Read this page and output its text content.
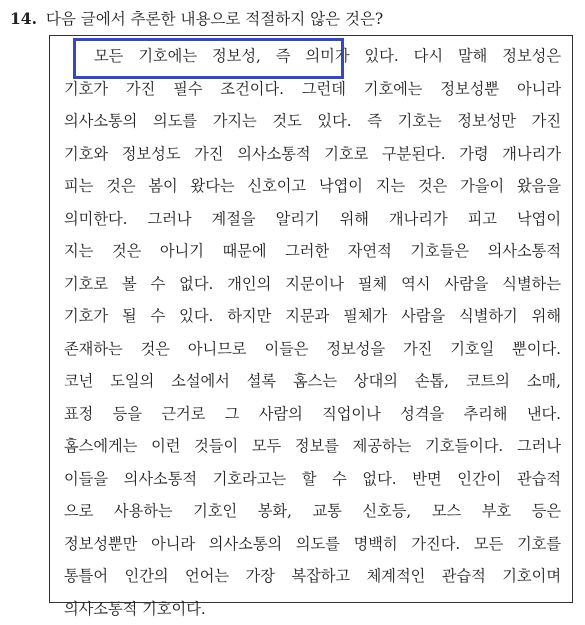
14. 다음 글에서 추론한 내용으로 적절하지 않은 것은?
모든 기호에는 정보성, 즉 의미가 있다. 다시 말해 정보성은
기호가 가진 필수 조건이다. 그런데 기호에는 정보성뿐 아니라
의사소통의 의도를 가지는 것도 있다. 즉 기호는 정보성만 가진
기호와 정보성도 가진 의사소통적 기호로 구분된다. 가령 개나리가
피는 것은 봄이 왔다는 신호이고 낙엽이 지는 것은 가을이 왔음을
의미한다. 그러나 계절을 알리기 위해 개나리가 피고 낙엽이
지는 것은 아니기 때문에 그러한 자연적 기호들은 의사소통적
기호로 볼 수 없다. 개인의 지문이나 필체 역시 사람을 식별하는
기호가 될 수 있다. 하지만 지문과 필체가 사람을 식별하기 위해
존재하는 것은 아니므로 이들은 정보성을 가진 기호일 뿐이다.
코넌 도일의 소설에서 셜록 홈스는 상대의 손톱, 코트의 소매,
표정 등을 근거로 그 사람의 직업이나 성격을 추리해 낸다.
홈스에게는 이런 것들이 모두 정보를 제공하는 기호들이다. 그러나
이들을 의사소통적 기호라고는 할 수 없다. 반면 인간이 관습적
으로 사용하는 기호인 봉화, 교통 신호등, 모스 부호 등은
정보성뿐만 아니라 의사소통의 의도를 명백히 가진다. 모든 기호를
통틀어 인간의 언어는 가장 복잡하고 체계적인 관습적 기호이며
의사소통적 기호이다.
